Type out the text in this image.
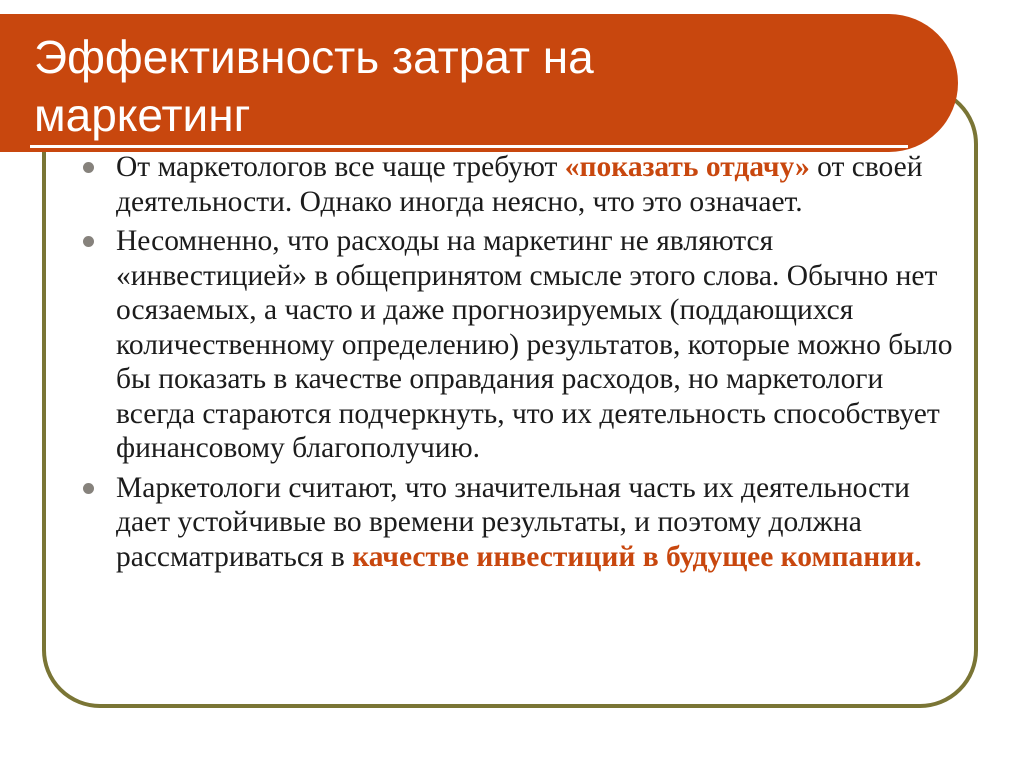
Эффективность затрат на маркетинг
От маркетологов все чаще требуют «показать отдачу» от своей деятельности. Однако иногда неясно, что это означает.
Несомненно, что расходы на маркетинг не являются «инвестицией» в общепринятом смысле этого слова. Обычно нет осязаемых, а часто и даже прогнозируемых (поддающихся количественному определению) результатов, которые можно было бы показать в качестве оправдания расходов, но маркетологи всегда стараются подчеркнуть, что их деятельность способствует финансовому благополучию.
Маркетологи считают, что значительная часть их деятельности дает устойчивые во времени результаты, и поэтому должна рассматриваться в качестве инвестиций в будущее компании.
